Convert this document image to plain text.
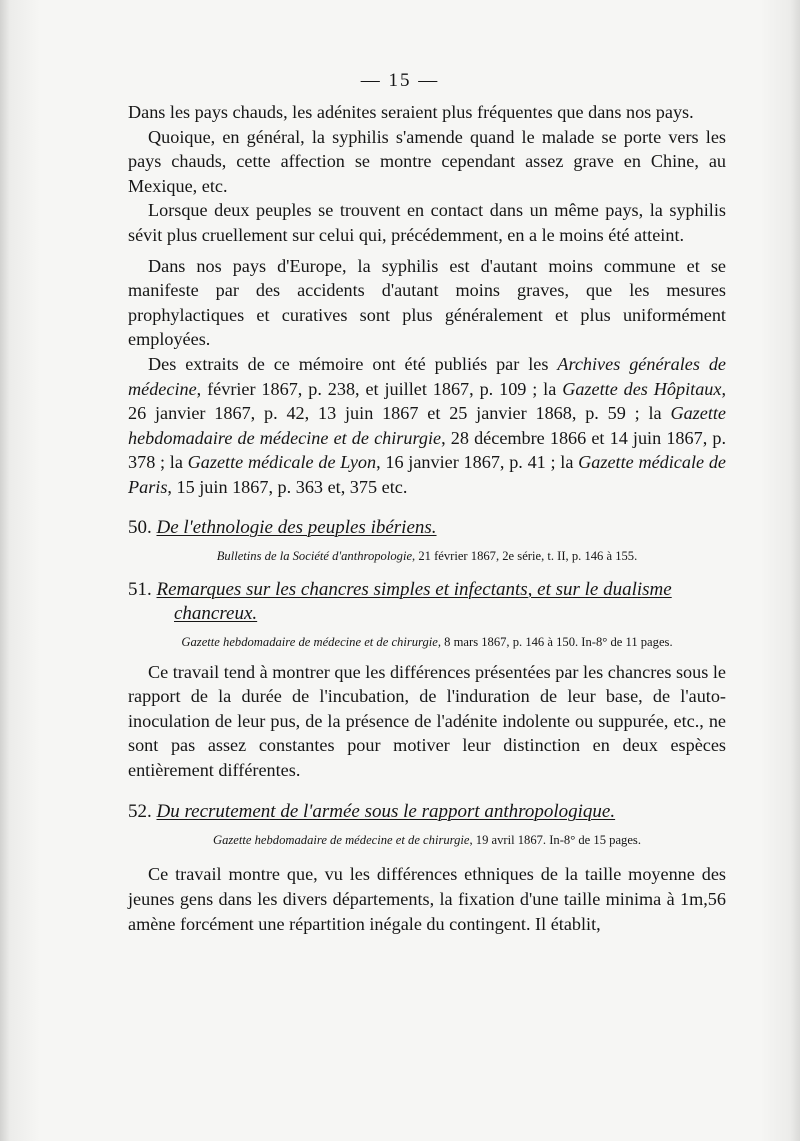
— 15 —

Dans les pays chauds, les adénites seraient plus fréquentes que dans nos pays.

Quoique, en général, la syphilis s'amende quand le malade se porte vers les pays chauds, cette affection se montre cependant assez grave en Chine, au Mexique, etc.

Lorsque deux peuples se trouvent en contact dans un même pays, la syphilis sévit plus cruellement sur celui qui, précédemment, en a le moins été atteint.

Dans nos pays d'Europe, la syphilis est d'autant moins commune et se manifeste par des accidents d'autant moins graves, que les mesures prophylactiques et curatives sont plus généralement et plus uniformément employées.

Des extraits de ce mémoire ont été publiés par les Archives générales de médecine, février 1867, p. 238, et juillet 1867, p. 109 ; la Gazette des Hôpitaux, 26 janvier 1867, p. 42, 13 juin 1867 et 25 janvier 1868, p. 59 ; la Gazette hebdomadaire de médecine et de chirurgie, 28 décembre 1866 et 14 juin 1867, p. 378 ; la Gazette médicale de Lyon, 16 janvier 1867, p. 41 ; la Gazette médicale de Paris, 15 juin 1867, p. 363 et, 375 etc.

50. De l'ethnologie des peuples ibériens.

Bulletins de la Société d'anthropologie, 21 février 1867, 2e série, t. II, p. 146 à 155.

51. Remarques sur les chancres simples et infectants, et sur le dualisme chancreux.

Gazette hebdomadaire de médecine et de chirurgie, 8 mars 1867, p. 146 à 150. In-8° de 11 pages.

Ce travail tend à montrer que les différences présentées par les chancres sous le rapport de la durée de l'incubation, de l'induration de leur base, de l'auto-inoculation de leur pus, de la présence de l'adénite indolente ou suppurée, etc., ne sont pas assez constantes pour motiver leur distinction en deux espèces entièrement différentes.

52. Du recrutement de l'armée sous le rapport anthropologique.

Gazette hebdomadaire de médecine et de chirurgie, 19 avril 1867. In-8° de 15 pages.

Ce travail montre que, vu les différences ethniques de la taille moyenne des jeunes gens dans les divers départements, la fixation d'une taille minima à 1m,56 amène forcément une répartition inégale du contingent. Il établit,
